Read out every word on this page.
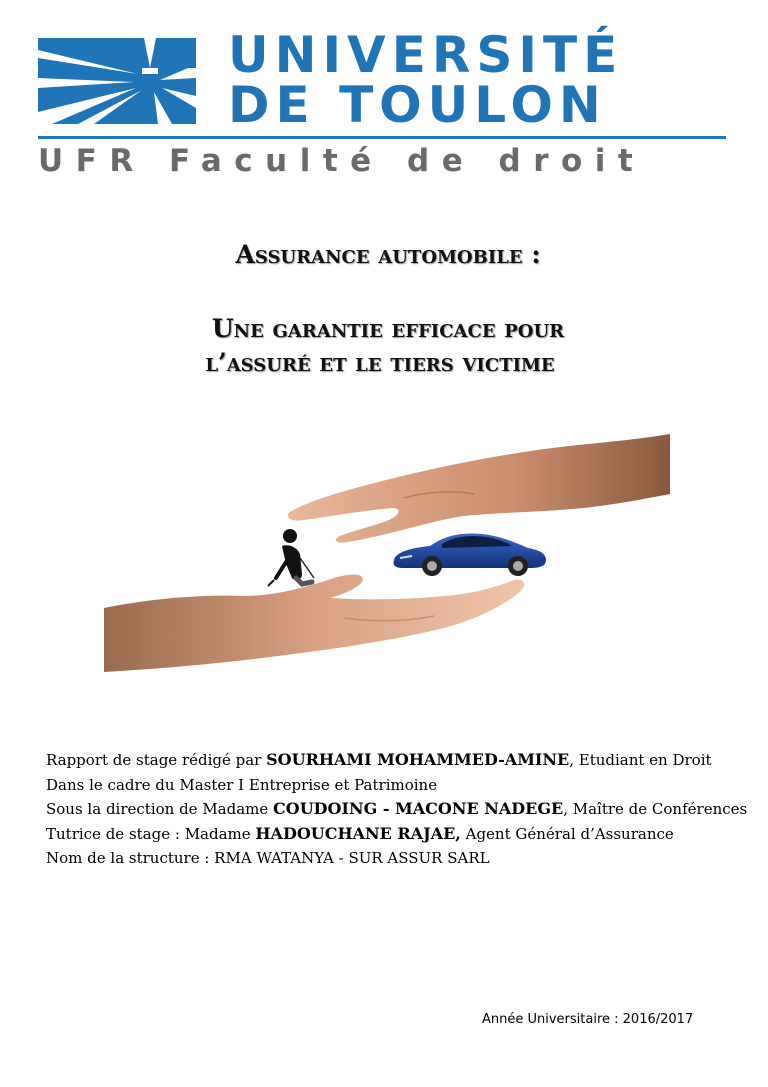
UNIVERSITÉ
DE TOULON
UFR Faculté de droit
Assurance automobile :
Une garantie efficace pour
l’assuré et le tiers victime
Rapport de stage rédigé par SOURHAMI MOHAMMED-AMINE, Etudiant en Droit
Dans le cadre du Master I Entreprise et Patrimoine
Sous la direction de Madame COUDOING - MACONE NADEGE, Maître de Conférences
Tutrice de stage : Madame HADOUCHANE RAJAE, Agent Général d’Assurance
Nom de la structure : RMA WATANYA - SUR ASSUR SARL
Année Universitaire : 2016/2017
